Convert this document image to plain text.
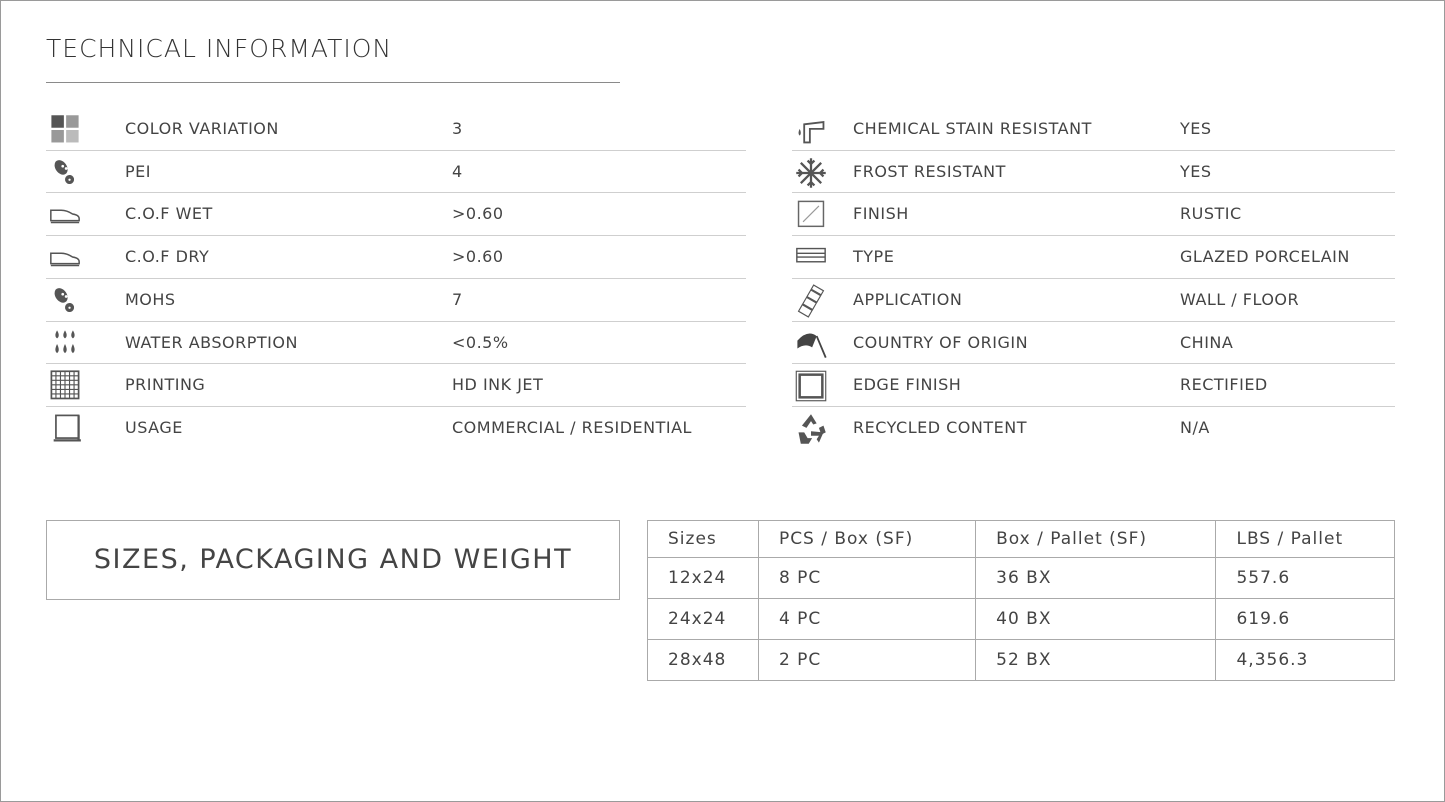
TECHNICAL INFORMATION
COLOR VARIATION	3
PEI	4
C.O.F WET	>0.60
C.O.F DRY	>0.60
MOHS	7
WATER ABSORPTION	<0.5%
PRINTING	HD INK JET
USAGE	COMMERCIAL / RESIDENTIAL
CHEMICAL STAIN RESISTANT	YES
FROST RESISTANT	YES
FINISH	RUSTIC
TYPE	GLAZED PORCELAIN
APPLICATION	WALL / FLOOR
COUNTRY OF ORIGIN	CHINA
EDGE FINISH	RECTIFIED
RECYCLED CONTENT	N/A
SIZES, PACKAGING AND WEIGHT
Sizes	PCS / Box (SF)	Box / Pallet (SF)	LBS / Pallet
12x24	8 PC	36 BX	557.6
24x24	4 PC	40 BX	619.6
28x48	2 PC	52 BX	4,356.3
